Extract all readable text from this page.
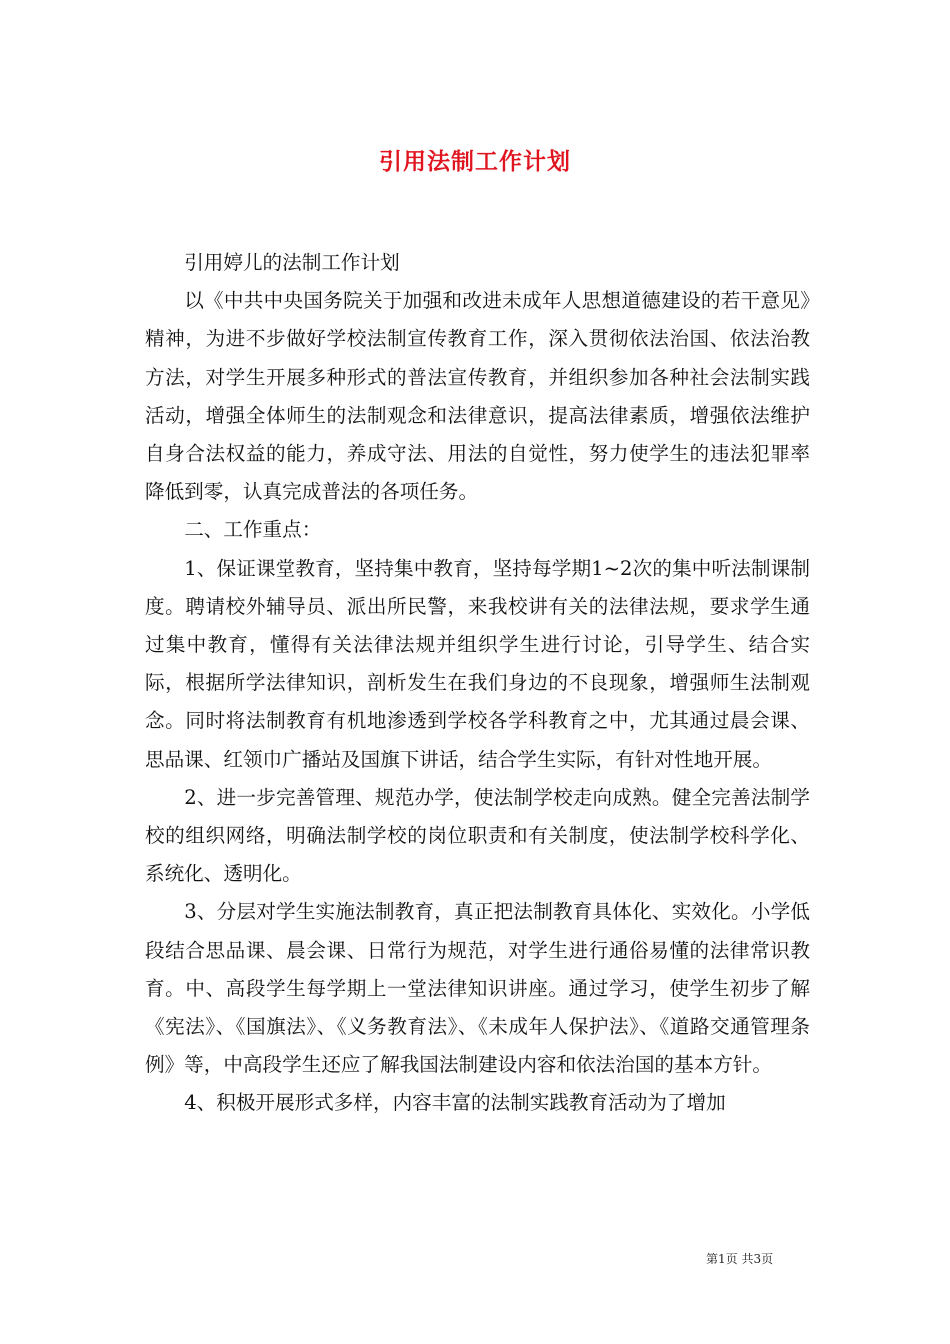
引用法制工作计划

引用婷儿的法制工作计划

以《中共中央国务院关于加强和改进未成年人思想道德建设的若干意见》精神，为进不步做好学校法制宣传教育工作，深入贯彻依法治国、依法治教方法，对学生开展多种形式的普法宣传教育，并组织参加各种社会法制实践活动，增强全体师生的法制观念和法律意识，提高法律素质，增强依法维护自身合法权益的能力，养成守法、用法的自觉性，努力使学生的违法犯罪率降低到零，认真完成普法的各项任务。

二、工作重点：

1、保证课堂教育，坚持集中教育，坚持每学期1~2次的集中听法制课制度。聘请校外辅导员、派出所民警，来我校讲有关的法律法规，要求学生通过集中教育，懂得有关法律法规并组织学生进行讨论，引导学生、结合实际，根据所学法律知识，剖析发生在我们身边的不良现象，增强师生法制观念。同时将法制教育有机地渗透到学校各学科教育之中，尤其通过晨会课、思品课、红领巾广播站及国旗下讲话，结合学生实际，有针对性地开展。

2、进一步完善管理、规范办学，使法制学校走向成熟。健全完善法制学校的组织网络，明确法制学校的岗位职责和有关制度，使法制学校科学化、系统化、透明化。

3、分层对学生实施法制教育，真正把法制教育具体化、实效化。小学低段结合思品课、晨会课、日常行为规范，对学生进行通俗易懂的法律常识教育。中、高段学生每学期上一堂法律知识讲座。通过学习，使学生初步了解《宪法》、《国旗法》、《义务教育法》、《未成年人保护法》、《道路交通管理条例》等，中高段学生还应了解我国法制建设内容和依法治国的基本方针。

4、积极开展形式多样，内容丰富的法制实践教育活动为了增加

第1页 共3页
